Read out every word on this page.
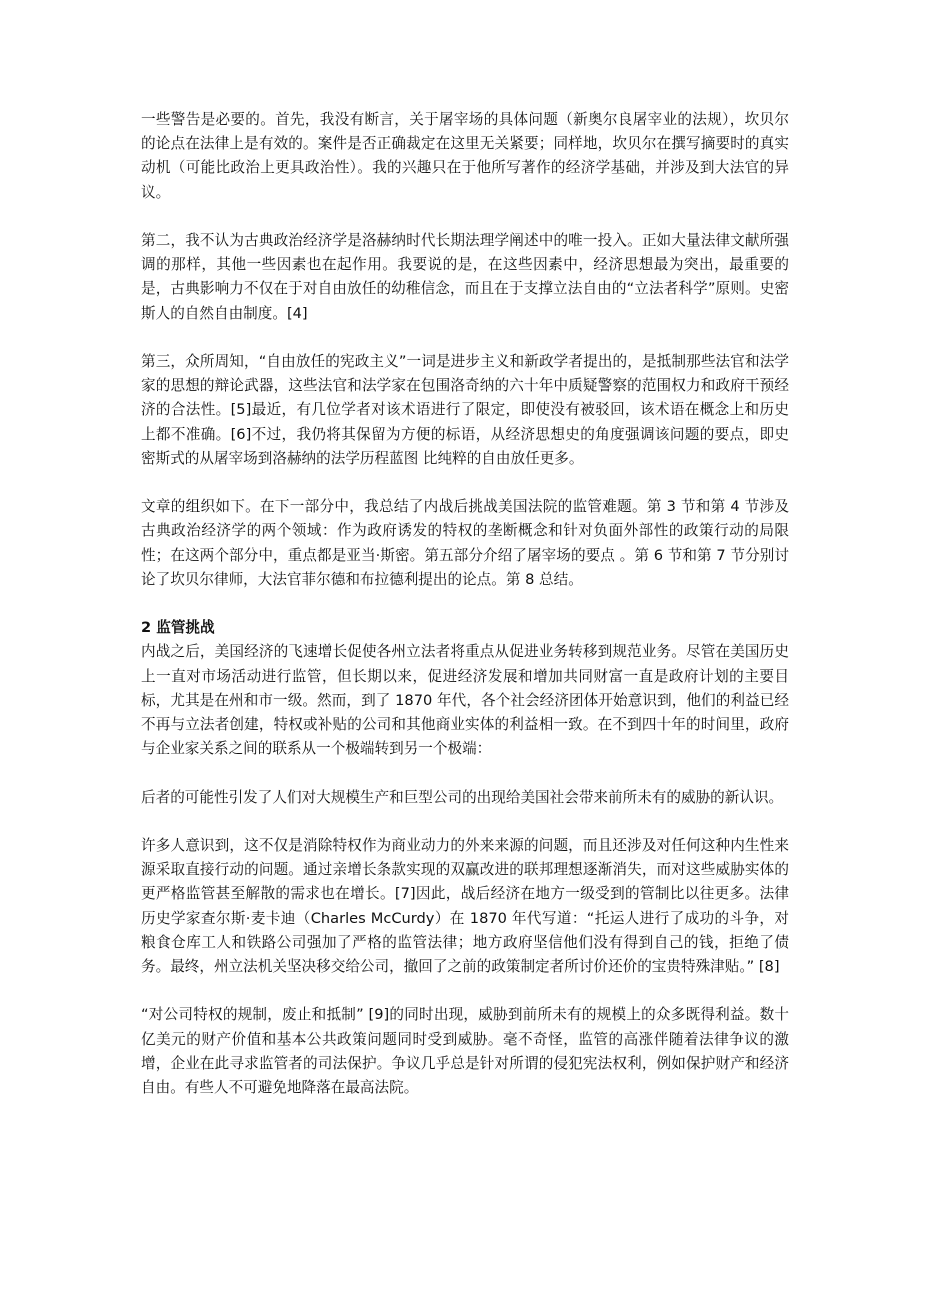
一些警告是必要的。首先，我没有断言，关于屠宰场的具体问题（新奥尔良屠宰业的法规），坎贝尔的论点在法律上是有效的。案件是否正确裁定在这里无关紧要；同样地，坎贝尔在撰写摘要时的真实动机（可能比政治上更具政治性）。我的兴趣只在于他所写著作的经济学基础，并涉及到大法官的异议。

第二，我不认为古典政治经济学是洛赫纳时代长期法理学阐述中的唯一投入。正如大量法律文献所强调的那样，其他一些因素也在起作用。我要说的是，在这些因素中，经济思想最为突出，最重要的是，古典影响力不仅在于对自由放任的幼稚信念，而且在于支撑立法自由的“立法者科学”原则。史密斯人的自然自由制度。[4]

第三，众所周知，“自由放任的宪政主义”一词是进步主义和新政学者提出的，是抵制那些法官和法学家的思想的辩论武器，这些法官和法学家在包围洛奇纳的六十年中质疑警察的范围权力和政府干预经济的合法性。[5]最近，有几位学者对该术语进行了限定，即使没有被驳回，该术语在概念上和历史上都不准确。[6]不过，我仍将其保留为方便的标语，从经济思想史的角度强调该问题的要点，即史密斯式的从屠宰场到洛赫纳的法学历程蓝图 比纯粹的自由放任更多。

文章的组织如下。在下一部分中，我总结了内战后挑战美国法院的监管难题。第 3 节和第 4 节涉及古典政治经济学的两个领域：作为政府诱发的特权的垄断概念和针对负面外部性的政策行动的局限性；在这两个部分中，重点都是亚当·斯密。第五部分介绍了屠宰场的要点 。第 6 节和第 7 节分别讨论了坎贝尔律师，大法官菲尔德和布拉德利提出的论点。第 8 总结。

2 监管挑战

内战之后，美国经济的飞速增长促使各州立法者将重点从促进业务转移到规范业务。尽管在美国历史上一直对市场活动进行监管，但长期以来，促进经济发展和增加共同财富一直是政府计划的主要目标，尤其是在州和市一级。然而，到了 1870 年代，各个社会经济团体开始意识到，他们的利益已经不再与立法者创建，特权或补贴的公司和其他商业实体的利益相一致。在不到四十年的时间里，政府与企业家关系之间的联系从一个极端转到另一个极端：

后者的可能性引发了人们对大规模生产和巨型公司的出现给美国社会带来前所未有的威胁的新认识。

许多人意识到，这不仅是消除特权作为商业动力的外来来源的问题，而且还涉及对任何这种内生性来源采取直接行动的问题。通过亲增长条款实现的双赢改进的联邦理想逐渐消失，而对这些威胁实体的更严格监管甚至解散的需求也在增长。[7]因此，战后经济在地方一级受到的管制比以往更多。法律历史学家查尔斯·麦卡迪（Charles McCurdy）在 1870 年代写道：“托运人进行了成功的斗争，对粮食仓库工人和铁路公司强加了严格的监管法律；地方政府坚信他们没有得到自己的钱，拒绝了债务。最终，州立法机关坚决移交给公司，撤回了之前的政策制定者所讨价还价的宝贵特殊津贴。” [8]

“对公司特权的规制，废止和抵制” [9]的同时出现，威胁到前所未有的规模上的众多既得利益。数十亿美元的财产价值和基本公共政策问题同时受到威胁。毫不奇怪，监管的高涨伴随着法律争议的激增，企业在此寻求监管者的司法保护。争议几乎总是针对所谓的侵犯宪法权利，例如保护财产和经济自由。有些人不可避免地降落在最高法院。
